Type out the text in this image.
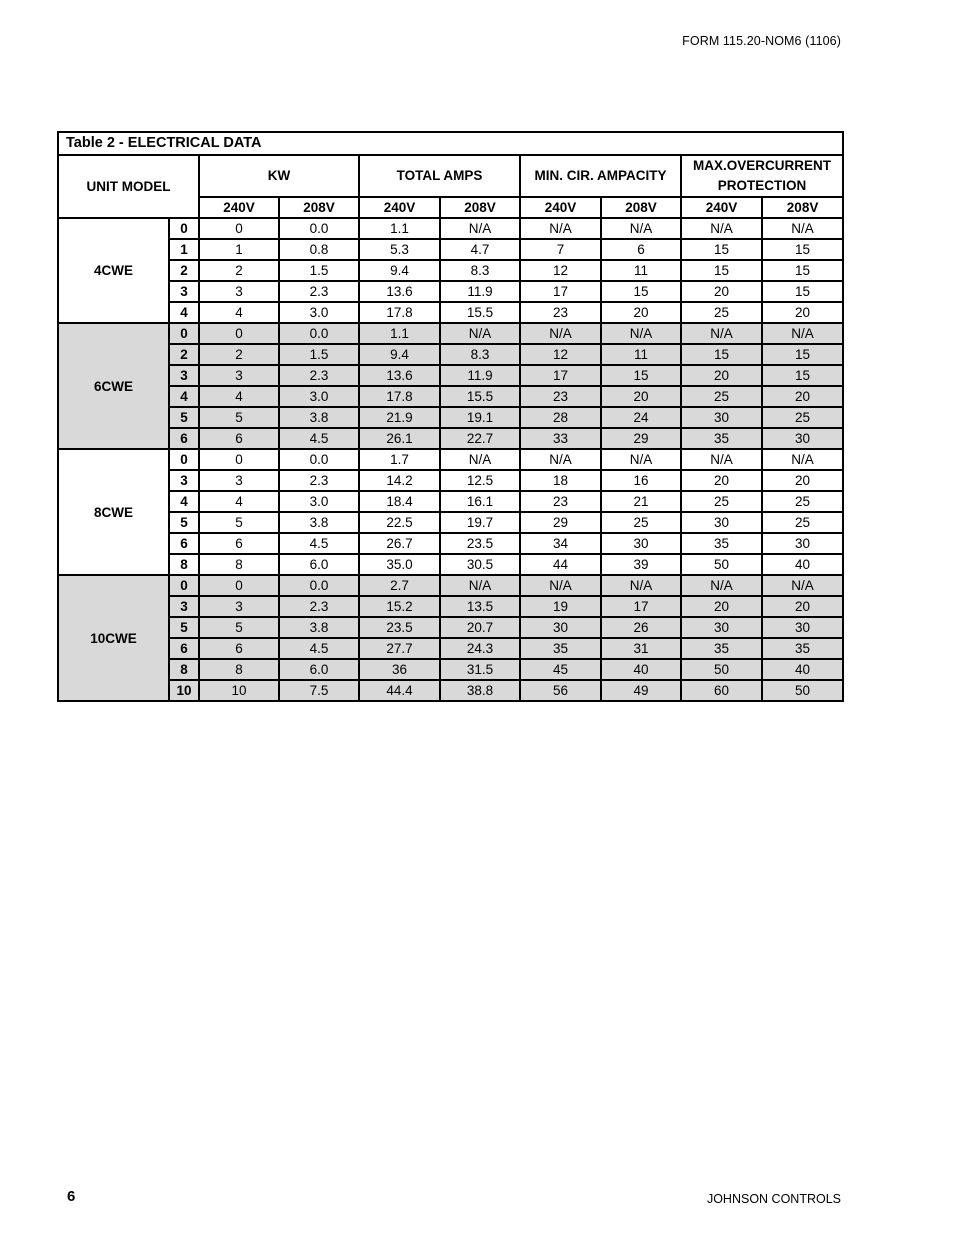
FORM 115.20-NOM6 (1106)
Table 2 - ELECTRICAL DATA									
UNIT MODEL		KW		TOTAL AMPS		MIN. CIR. AMPACITY		MAX.OVERCURRENT PROTECTION	
		240V	208V	240V	208V	240V	208V	240V	208V
4CWE	0	0	0.0	1.1	N/A	N/A	N/A	N/A	N/A
	1	1	0.8	5.3	4.7	7	6	15	15
	2	2	1.5	9.4	8.3	12	11	15	15
	3	3	2.3	13.6	11.9	17	15	20	15
	4	4	3.0	17.8	15.5	23	20	25	20
6CWE	0	0	0.0	1.1	N/A	N/A	N/A	N/A	N/A
	2	2	1.5	9.4	8.3	12	11	15	15
	3	3	2.3	13.6	11.9	17	15	20	15
	4	4	3.0	17.8	15.5	23	20	25	20
	5	5	3.8	21.9	19.1	28	24	30	25
	6	6	4.5	26.1	22.7	33	29	35	30
8CWE	0	0	0.0	1.7	N/A	N/A	N/A	N/A	N/A
	3	3	2.3	14.2	12.5	18	16	20	20
	4	4	3.0	18.4	16.1	23	21	25	25
	5	5	3.8	22.5	19.7	29	25	30	25
	6	6	4.5	26.7	23.5	34	30	35	30
	8	8	6.0	35.0	30.5	44	39	50	40
10CWE	0	0	0.0	2.7	N/A	N/A	N/A	N/A	N/A
	3	3	2.3	15.2	13.5	19	17	20	20
	5	5	3.8	23.5	20.7	30	26	30	30
	6	6	4.5	27.7	24.3	35	31	35	35
	8	8	6.0	36	31.5	45	40	50	40
	10	10	7.5	44.4	38.8	56	49	60	50
6	JOHNSON CONTROLS
